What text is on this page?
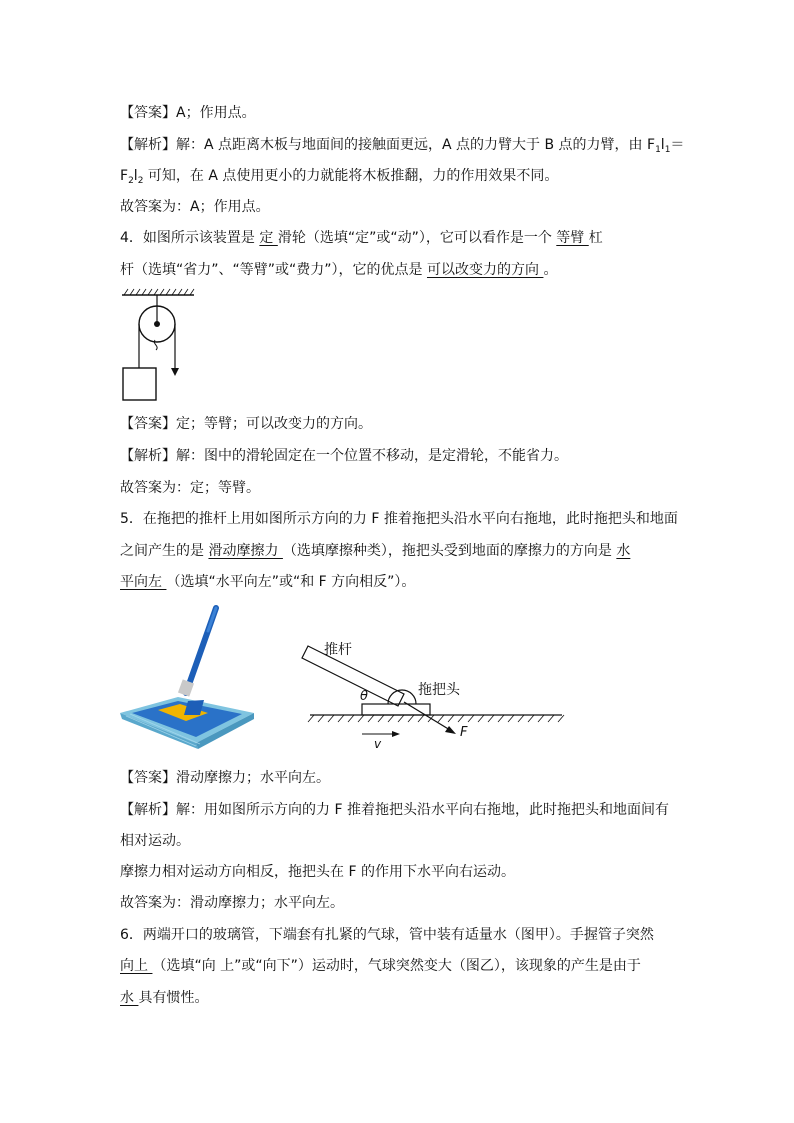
【答案】A；作用点。
【解析】解：A 点距离木板与地面间的接触面更远，A 点的力臂大于 B 点的力臂，由 $F_1l_1=$
$F_2l_2$ 可知，在 A 点使用更小的力就能将木板推翻，力的作用效果不同。
故答案为：A；作用点。
4．如图所示该装置是 定 滑轮（选填“定”或“动”），它可以看作是一个 等臂 杠
杆（选填“省力”、“等臂”或“费力”），它的优点是 可以改变力的方向 。
【答案】定；等臂；可以改变力的方向。
【解析】解：图中的滑轮固定在一个位置不移动，是定滑轮，不能省力。
故答案为：定；等臂。
5．在拖把的推杆上用如图所示方向的力 F 推着拖把头沿水平向右拖地，此时拖把头和地面
之间产生的是 滑动摩擦力 （选填摩擦种类），拖把头受到地面的摩擦力的方向是 水
平向左 （选填“水平向左”或“和 F 方向相反”）。
推杆
θ	拖把头
F
v
【答案】滑动摩擦力；水平向左。
【解析】解：用如图所示方向的力 F 推着拖把头沿水平向右拖地，此时拖把头和地面间有
相对运动。
摩擦力相对运动方向相反，拖把头在 F 的作用下水平向右运动。
故答案为：滑动摩擦力；水平向左。
6．两端开口的玻璃管，下端套有扎紧的气球，管中装有适量水（图甲）。手握管子突然
向上 （选填“向 上”或“向下”）运动时，气球突然变大（图乙），该现象的产生是由于
水 具有惯性。
